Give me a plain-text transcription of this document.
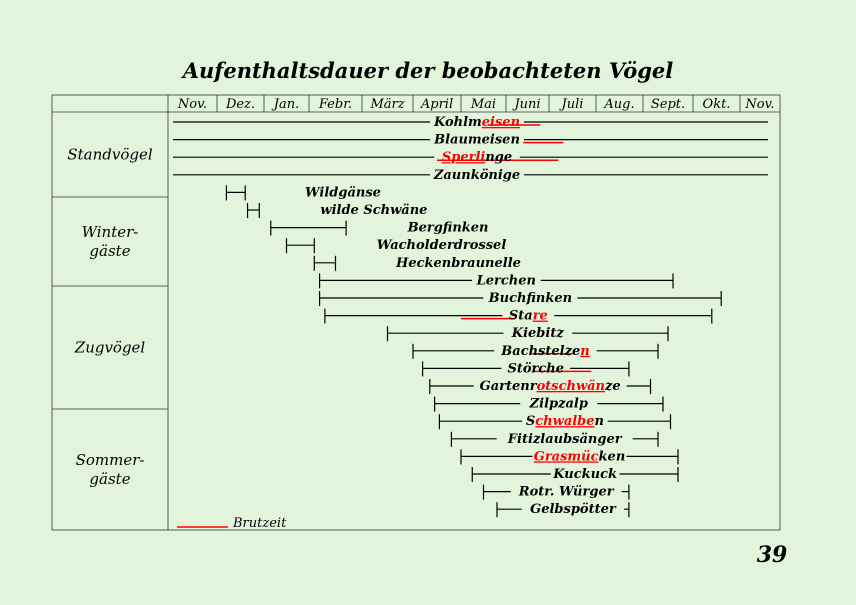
Aufenthaltsdauer der beobachteten Vögel
Nov. Dez. Jan. Febr. März April Mai Juni Juli Aug. Sept. Okt. Nov.
Standvögel
Winter-
gäste
Zugvögel
Sommer-
gäste
Kohlmeisen
Blaumeisen
Sperlinge
Zaunkönige
Wildgänse
wilde Schwäne
Bergfinken
Wacholderdrossel
Heckenbraunelle
Lerchen
Buchfinken
Stare
Kiebitz
Bachstelzen
Störche
Gartenrotschwänze
Zilpzalp
Schwalben
Fitizlaubsänger
Grasmücken
Kuckuck
Rotr. Würger
Gelbspötter
Brutzeit
39
